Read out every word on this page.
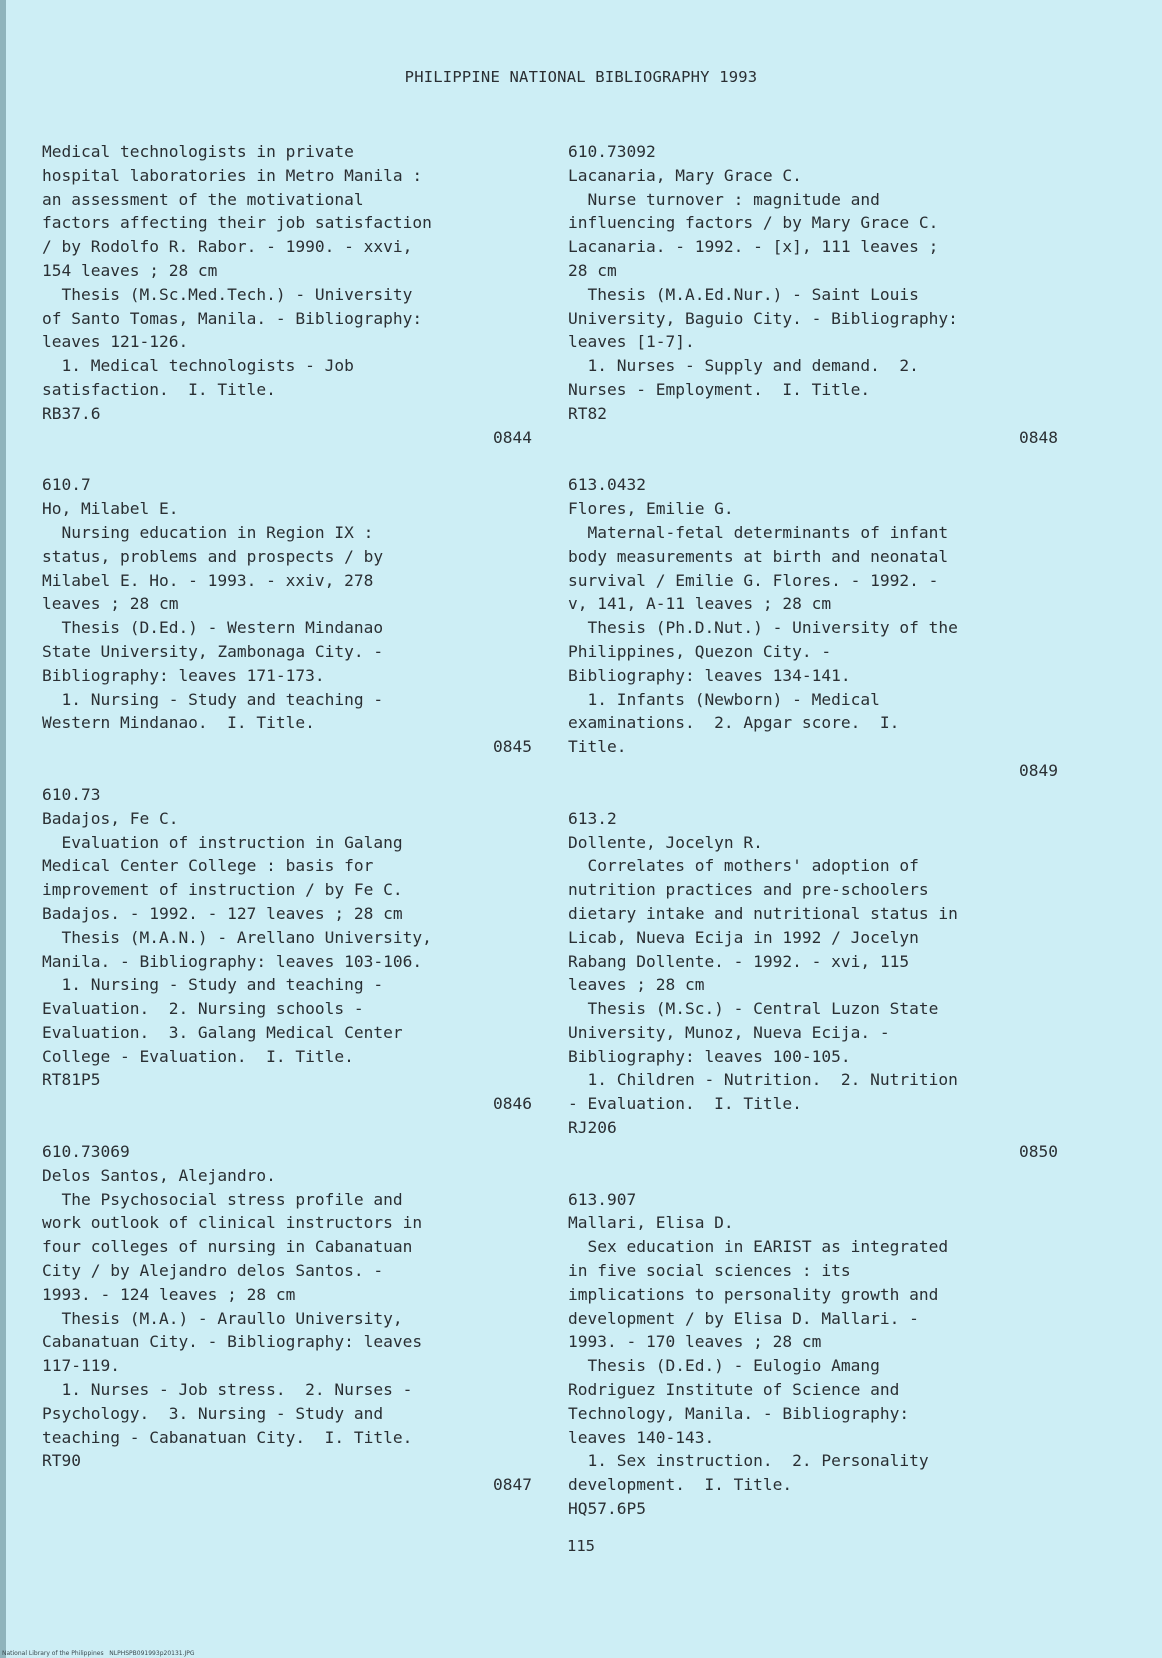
PHILIPPINE NATIONAL BIBLIOGRAPHY 1993
Medical technologists in private
hospital laboratories in Metro Manila :
an assessment of the motivational
factors affecting their job satisfaction
/ by Rodolfo R. Rabor. - 1990. - xxvi,
154 leaves ; 28 cm
Thesis (M.Sc.Med.Tech.) - University
of Santo Tomas, Manila. - Bibliography:
leaves 121-126.
1. Medical technologists - Job
satisfaction.  I. Title.
RB37.6
0844
610.7
Ho, Milabel E.
Nursing education in Region IX :
status, problems and prospects / by
Milabel E. Ho. - 1993. - xxiv, 278
leaves ; 28 cm
Thesis (D.Ed.) - Western Mindanao
State University, Zambonaga City. -
Bibliography: leaves 171-173.
1. Nursing - Study and teaching -
Western Mindanao.  I. Title.
0845
610.73
Badajos, Fe C.
Evaluation of instruction in Galang
Medical Center College : basis for
improvement of instruction / by Fe C.
Badajos. - 1992. - 127 leaves ; 28 cm
Thesis (M.A.N.) - Arellano University,
Manila. - Bibliography: leaves 103-106.
1. Nursing - Study and teaching -
Evaluation.  2. Nursing schools -
Evaluation.  3. Galang Medical Center
College - Evaluation.  I. Title.
RT81P5
0846
610.73069
Delos Santos, Alejandro.
The Psychosocial stress profile and
work outlook of clinical instructors in
four colleges of nursing in Cabanatuan
City / by Alejandro delos Santos. -
1993. - 124 leaves ; 28 cm
Thesis (M.A.) - Araullo University,
Cabanatuan City. - Bibliography: leaves
117-119.
1. Nurses - Job stress.  2. Nurses -
Psychology.  3. Nursing - Study and
teaching - Cabanatuan City.  I. Title.
RT90
0847
610.73092
Lacanaria, Mary Grace C.
Nurse turnover : magnitude and
influencing factors / by Mary Grace C.
Lacanaria. - 1992. - [x], 111 leaves ;
28 cm
Thesis (M.A.Ed.Nur.) - Saint Louis
University, Baguio City. - Bibliography:
leaves [1-7].
1. Nurses - Supply and demand.  2.
Nurses - Employment.  I. Title.
RT82
0848
613.0432
Flores, Emilie G.
Maternal-fetal determinants of infant
body measurements at birth and neonatal
survival / Emilie G. Flores. - 1992. -
v, 141, A-11 leaves ; 28 cm
Thesis (Ph.D.Nut.) - University of the
Philippines, Quezon City. -
Bibliography: leaves 134-141.
1. Infants (Newborn) - Medical
examinations.  2. Apgar score.  I.
Title.
0849
613.2
Dollente, Jocelyn R.
Correlates of mothers' adoption of
nutrition practices and pre-schoolers
dietary intake and nutritional status in
Licab, Nueva Ecija in 1992 / Jocelyn
Rabang Dollente. - 1992. - xvi, 115
leaves ; 28 cm
Thesis (M.Sc.) - Central Luzon State
University, Munoz, Nueva Ecija. -
Bibliography: leaves 100-105.
1. Children - Nutrition.  2. Nutrition
- Evaluation.  I. Title.
RJ206
0850
613.907
Mallari, Elisa D.
Sex education in EARIST as integrated
in five social sciences : its
implications to personality growth and
development / by Elisa D. Mallari. -
1993. - 170 leaves ; 28 cm
Thesis (D.Ed.) - Eulogio Amang
Rodriguez Institute of Science and
Technology, Manila. - Bibliography:
leaves 140-143.
1. Sex instruction.  2. Personality
development.  I. Title.
HQ57.6P5
115
National Library of the Philippines   NLPHSPB091993p20131.JPG
